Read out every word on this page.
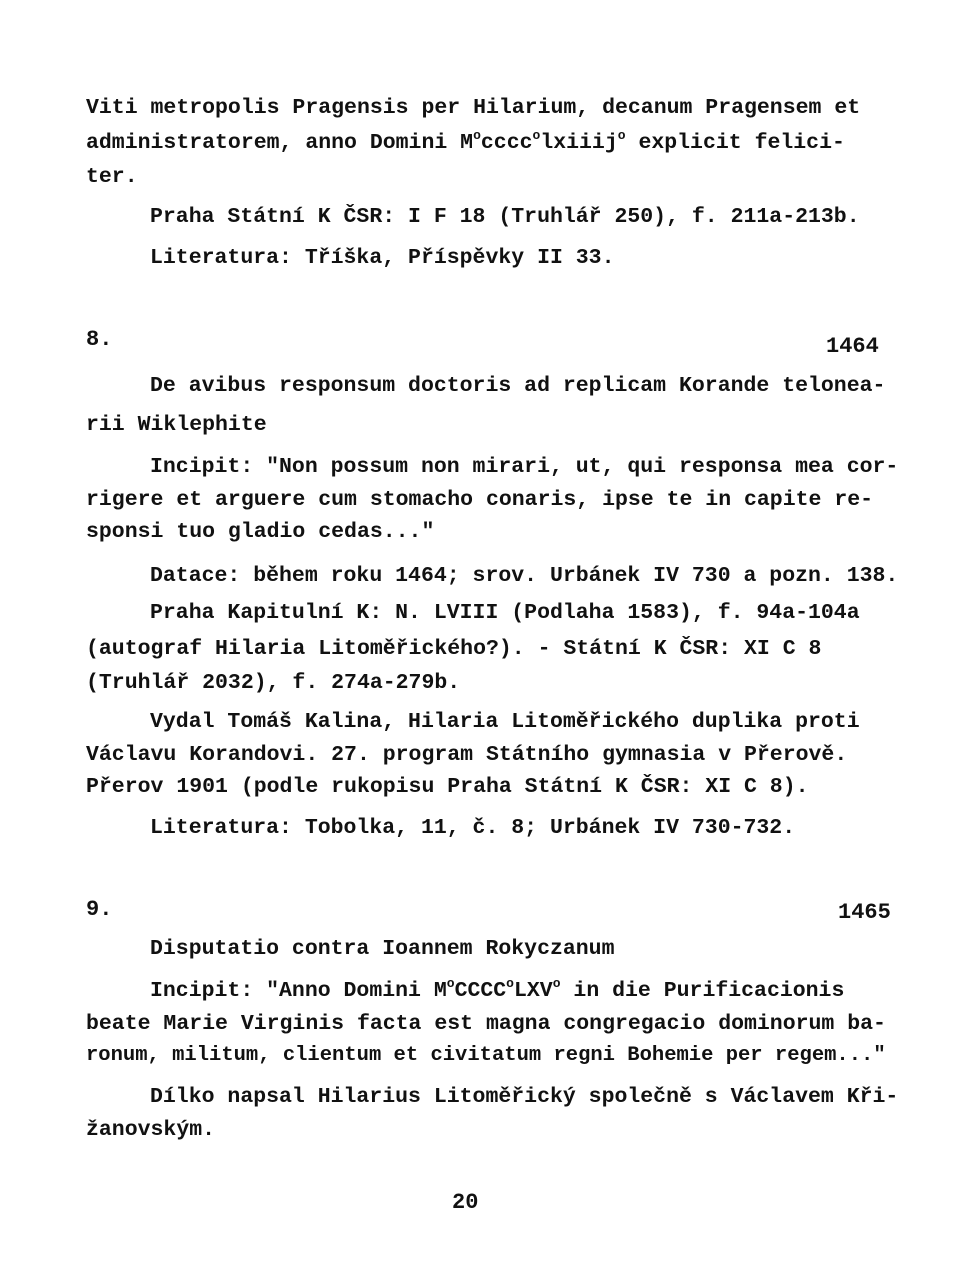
Viti metropolis Pragensis per Hilarium, decanum Pragensem et
administratorem, anno Domini $M^occcc^olxiiij^o$ explicit felici-
ter.
Praha Státní K ČSR: I F 18 (Truhlář 250), f. 211a-213b.
Literatura: Tříška, Příspěvky II 33.
8.	1464
De avibus responsum doctoris ad replicam Korande telonea-
rii Wiklephite
Incipit: "Non possum non mirari, ut, qui responsa mea cor-
rigere et arguere cum stomacho conaris, ipse te in capite re-
sponsi tuo gladio cedas..."
Datace: během roku 1464; srov. Urbánek IV 730 a pozn. 138.
Praha Kapitulní K: N. LVIII (Podlaha 1583), f. 94a-104a
(autograf Hilaria Litoměřického?). - Státní K ČSR: XI C 8
(Truhlář 2032), f. 274a-279b.
Vydal Tomáš Kalina, Hilaria Litoměřického duplika proti
Václavu Korandovi. 27. program Státního gymnasia v Přerově.
Přerov 1901 (podle rukopisu Praha Státní K ČSR: XI C 8).
Literatura: Tobolka, 11, č. 8; Urbánek IV 730-732.
9.	1465
Disputatio contra Ioannem Rokyczanum
Incipit: "Anno Domini $M^oCCCC^oLXV^o$ in die Purificacionis
beate Marie Virginis facta est magna congregacio dominorum ba-
ronum, militum, clientum et civitatum regni Bohemie per regem..."
Dílko napsal Hilarius Litoměřický společně s Václavem Kři-
žanovským.
20
